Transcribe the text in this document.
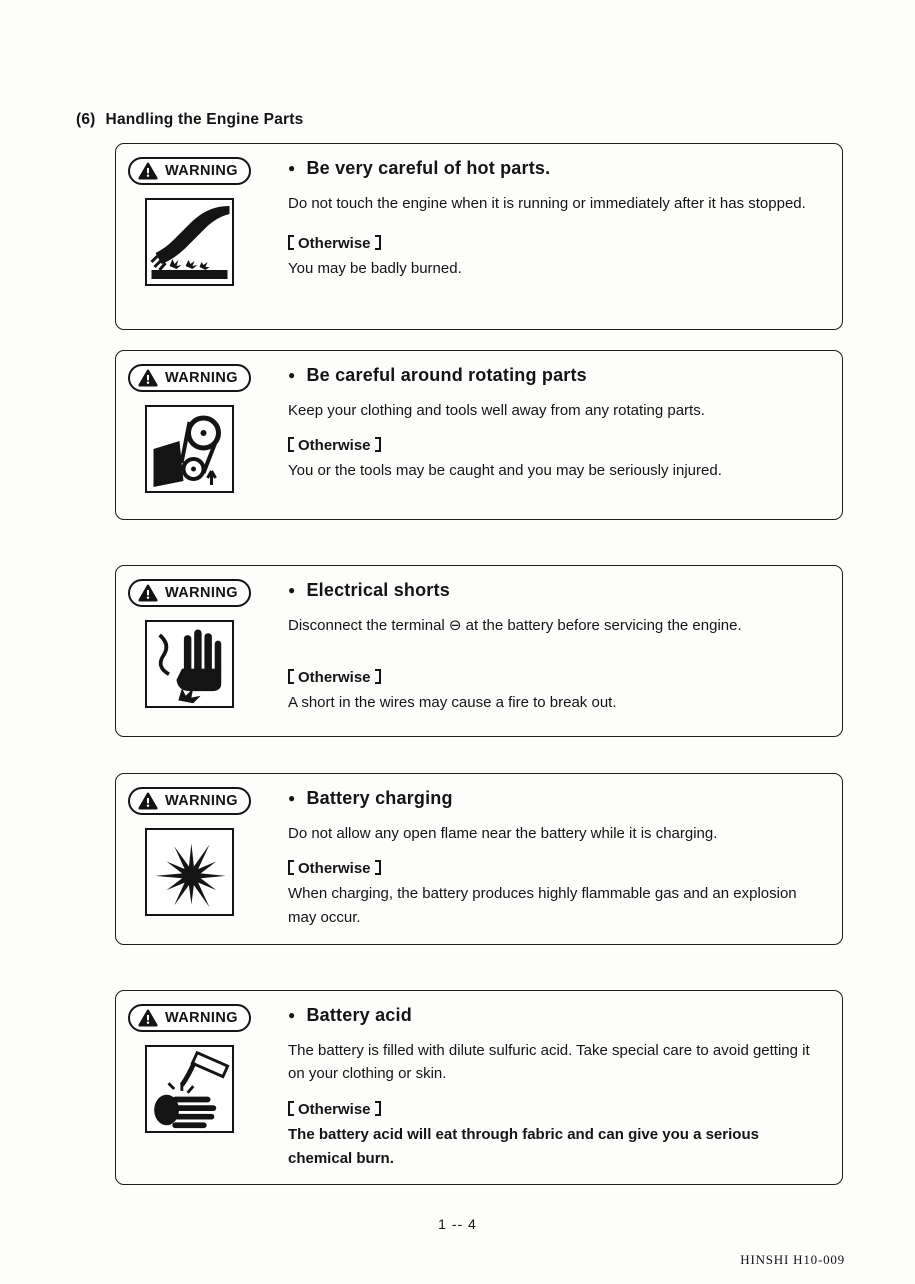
(6) Handling the Engine Parts
WARNING	● Be very careful of hot parts.

Do not touch the engine when it is running or immediately after it has stopped.

Otherwise

You may be badly burned.

WARNING	● Be careful around rotating parts

Keep your clothing and tools well away from any rotating parts.

Otherwise

You or the tools may be caught and you may be seriously injured.

WARNING	● Electrical shorts

Disconnect the terminal ⊖ at the battery before servicing the engine.

Otherwise

A short in the wires may cause a fire to break out.

WARNING	● Battery charging

Do not allow any open flame near the battery while it is charging.

Otherwise

When charging, the battery produces highly flammable gas and an explosion may occur.

WARNING	● Battery acid

The battery is filled with dilute sulfuric acid. Take special care to avoid getting it on your clothing or skin.

Otherwise

The battery acid will eat through fabric and can give you a serious chemical burn.

1 -- 4
HINSHI H10-009
